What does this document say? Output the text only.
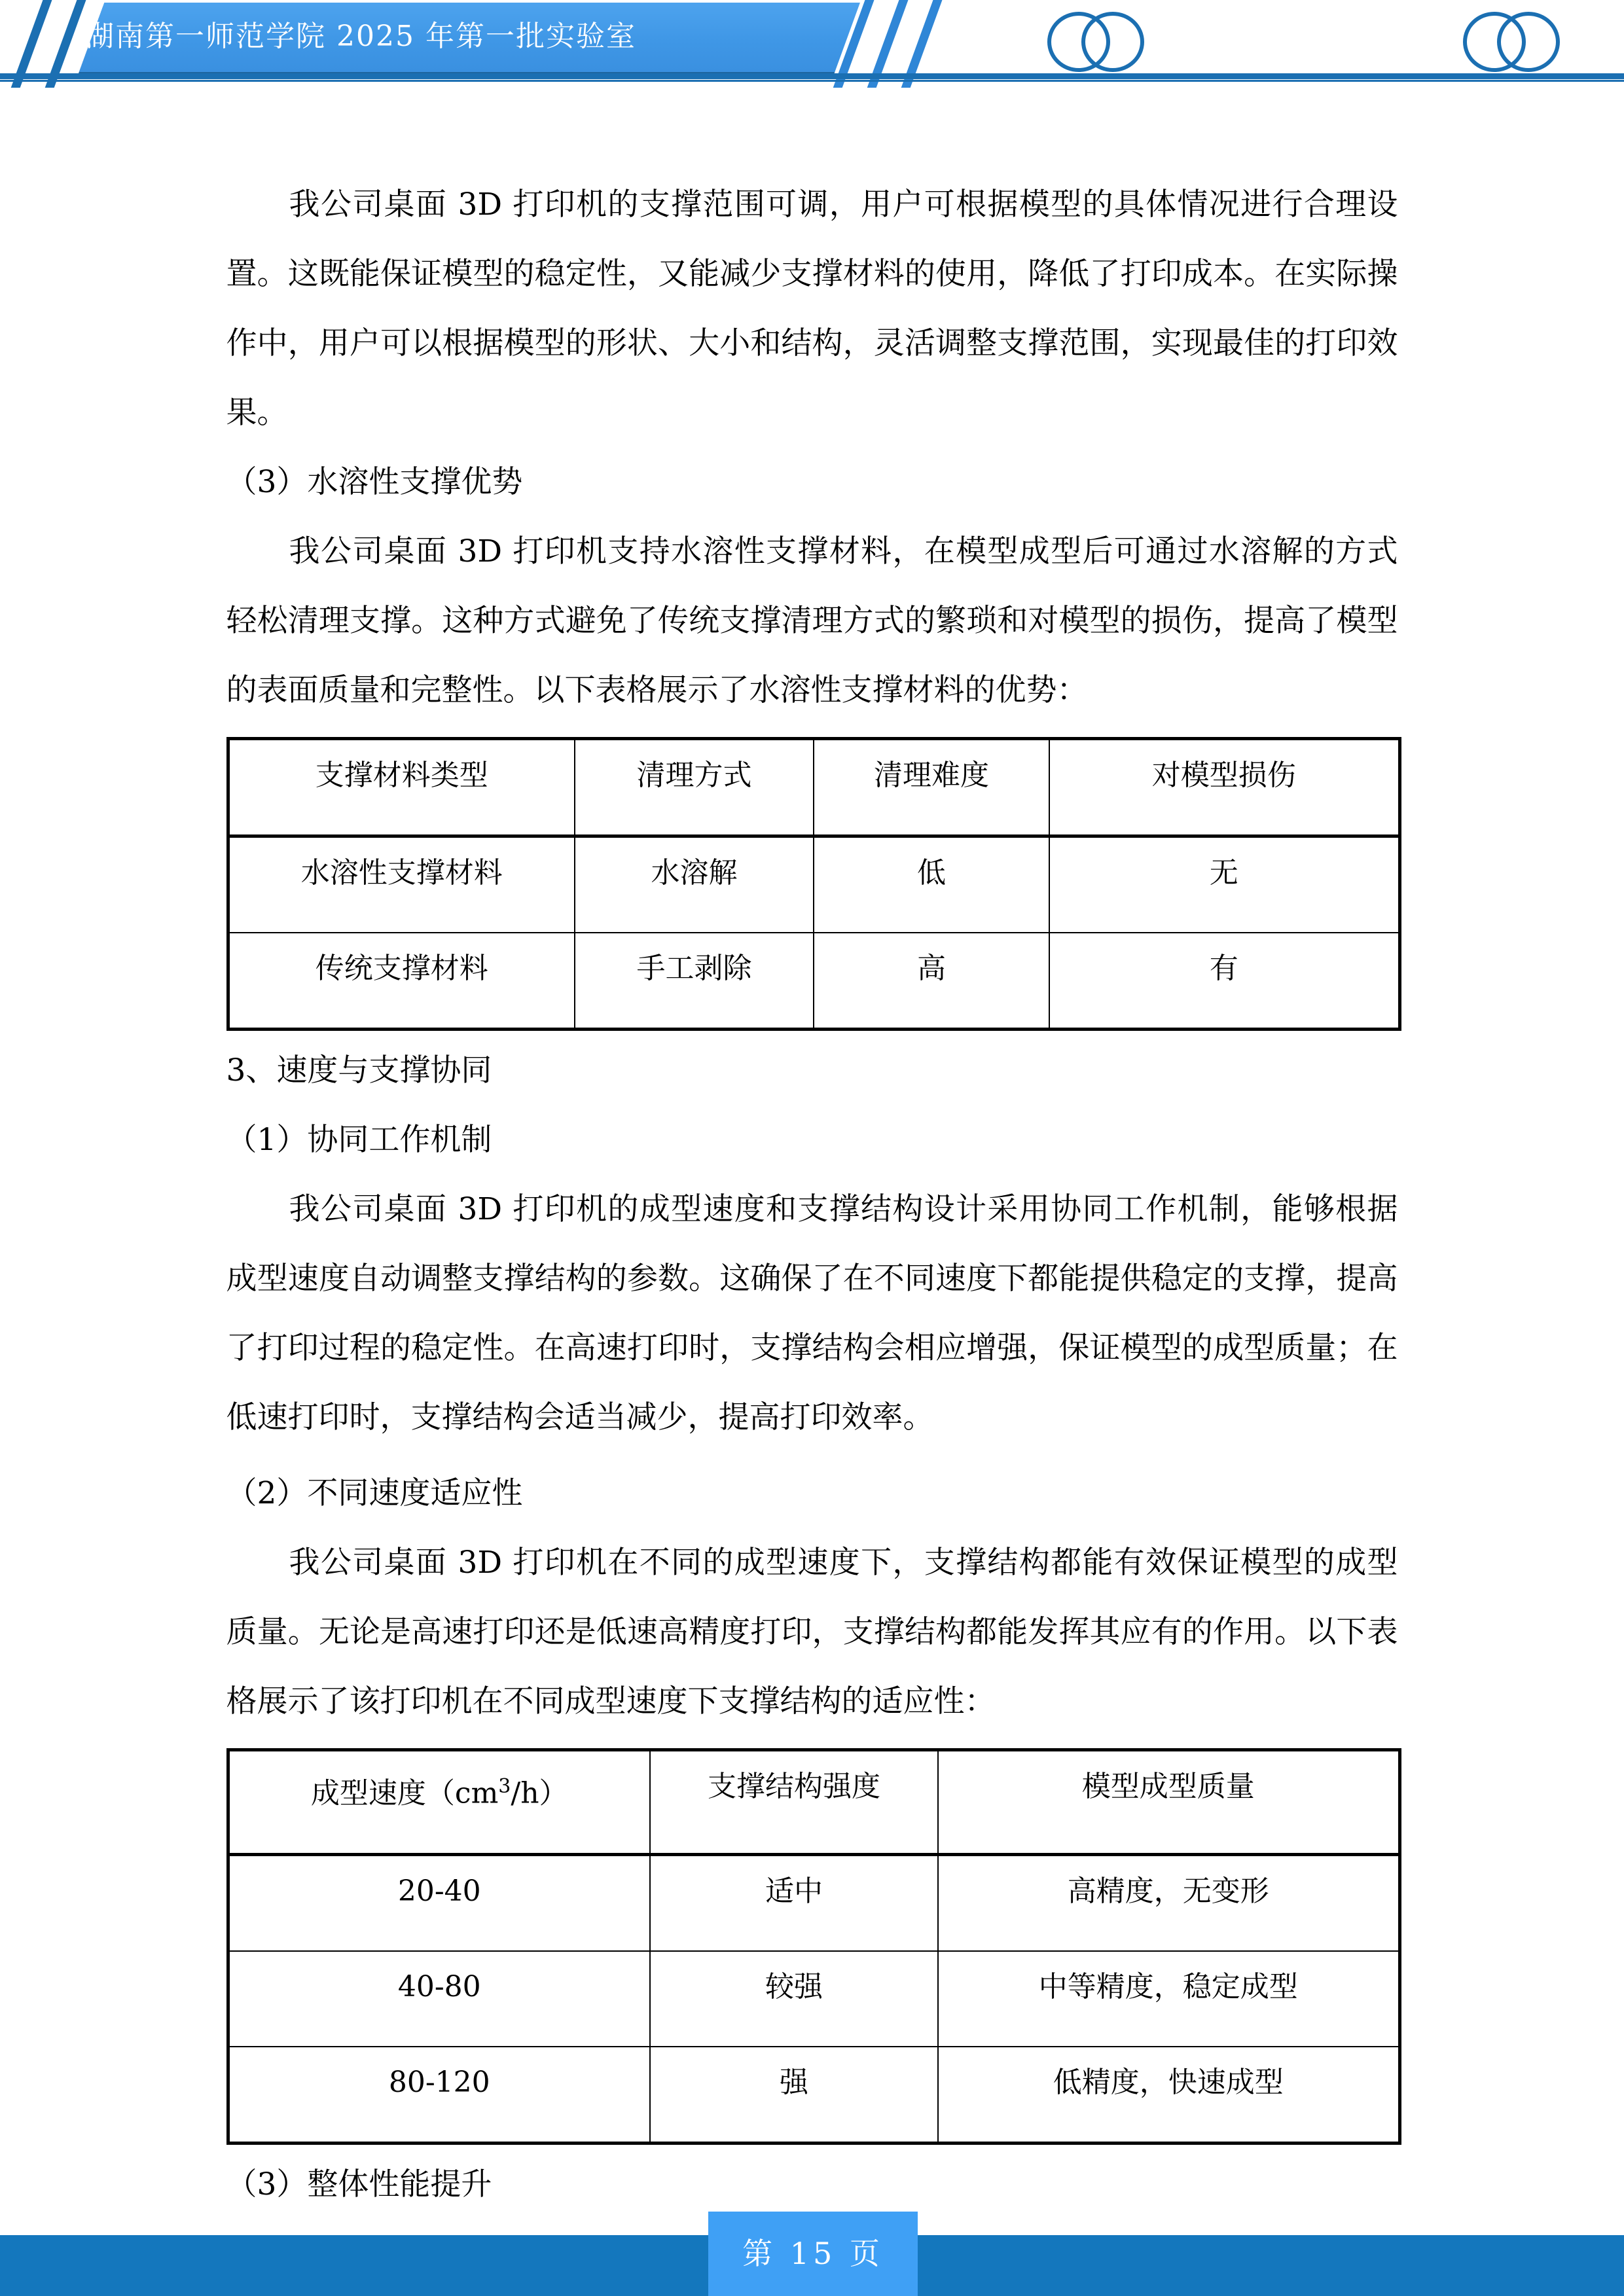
湖南第一师范学院 2025 年第一批实验室

我公司桌面 3D 打印机的支撑范围可调，用户可根据模型的具体情况进行合理设置。这既能保证模型的稳定性，又能减少支撑材料的使用，降低了打印成本。在实际操作中，用户可以根据模型的形状、大小和结构，灵活调整支撑范围，实现最佳的打印效果。

（3）水溶性支撑优势

我公司桌面 3D 打印机支持水溶性支撑材料，在模型成型后可通过水溶解的方式轻松清理支撑。这种方式避免了传统支撑清理方式的繁琐和对模型的损伤，提高了模型的表面质量和完整性。以下表格展示了水溶性支撑材料的优势：

支撑材料类型	清理方式	清理难度	对模型损伤
水溶性支撑材料	水溶解	低	无
传统支撑材料	手工剥除	高	有

3、速度与支撑协同

（1）协同工作机制

我公司桌面 3D 打印机的成型速度和支撑结构设计采用协同工作机制，能够根据成型速度自动调整支撑结构的参数。这确保了在不同速度下都能提供稳定的支撑，提高了打印过程的稳定性。在高速打印时，支撑结构会相应增强，保证模型的成型质量；在低速打印时，支撑结构会适当减少，提高打印效率。

（2）不同速度适应性

我公司桌面 3D 打印机在不同的成型速度下，支撑结构都能有效保证模型的成型质量。无论是高速打印还是低速高精度打印，支撑结构都能发挥其应有的作用。以下表格展示了该打印机在不同成型速度下支撑结构的适应性：

成型速度$(cm^3/h)$	支撑结构强度	模型成型质量
20-40	适中	高精度，无变形
40-80	较强	中等精度，稳定成型
80-120	强	低精度，快速成型

（3）整体性能提升

第 15 页
